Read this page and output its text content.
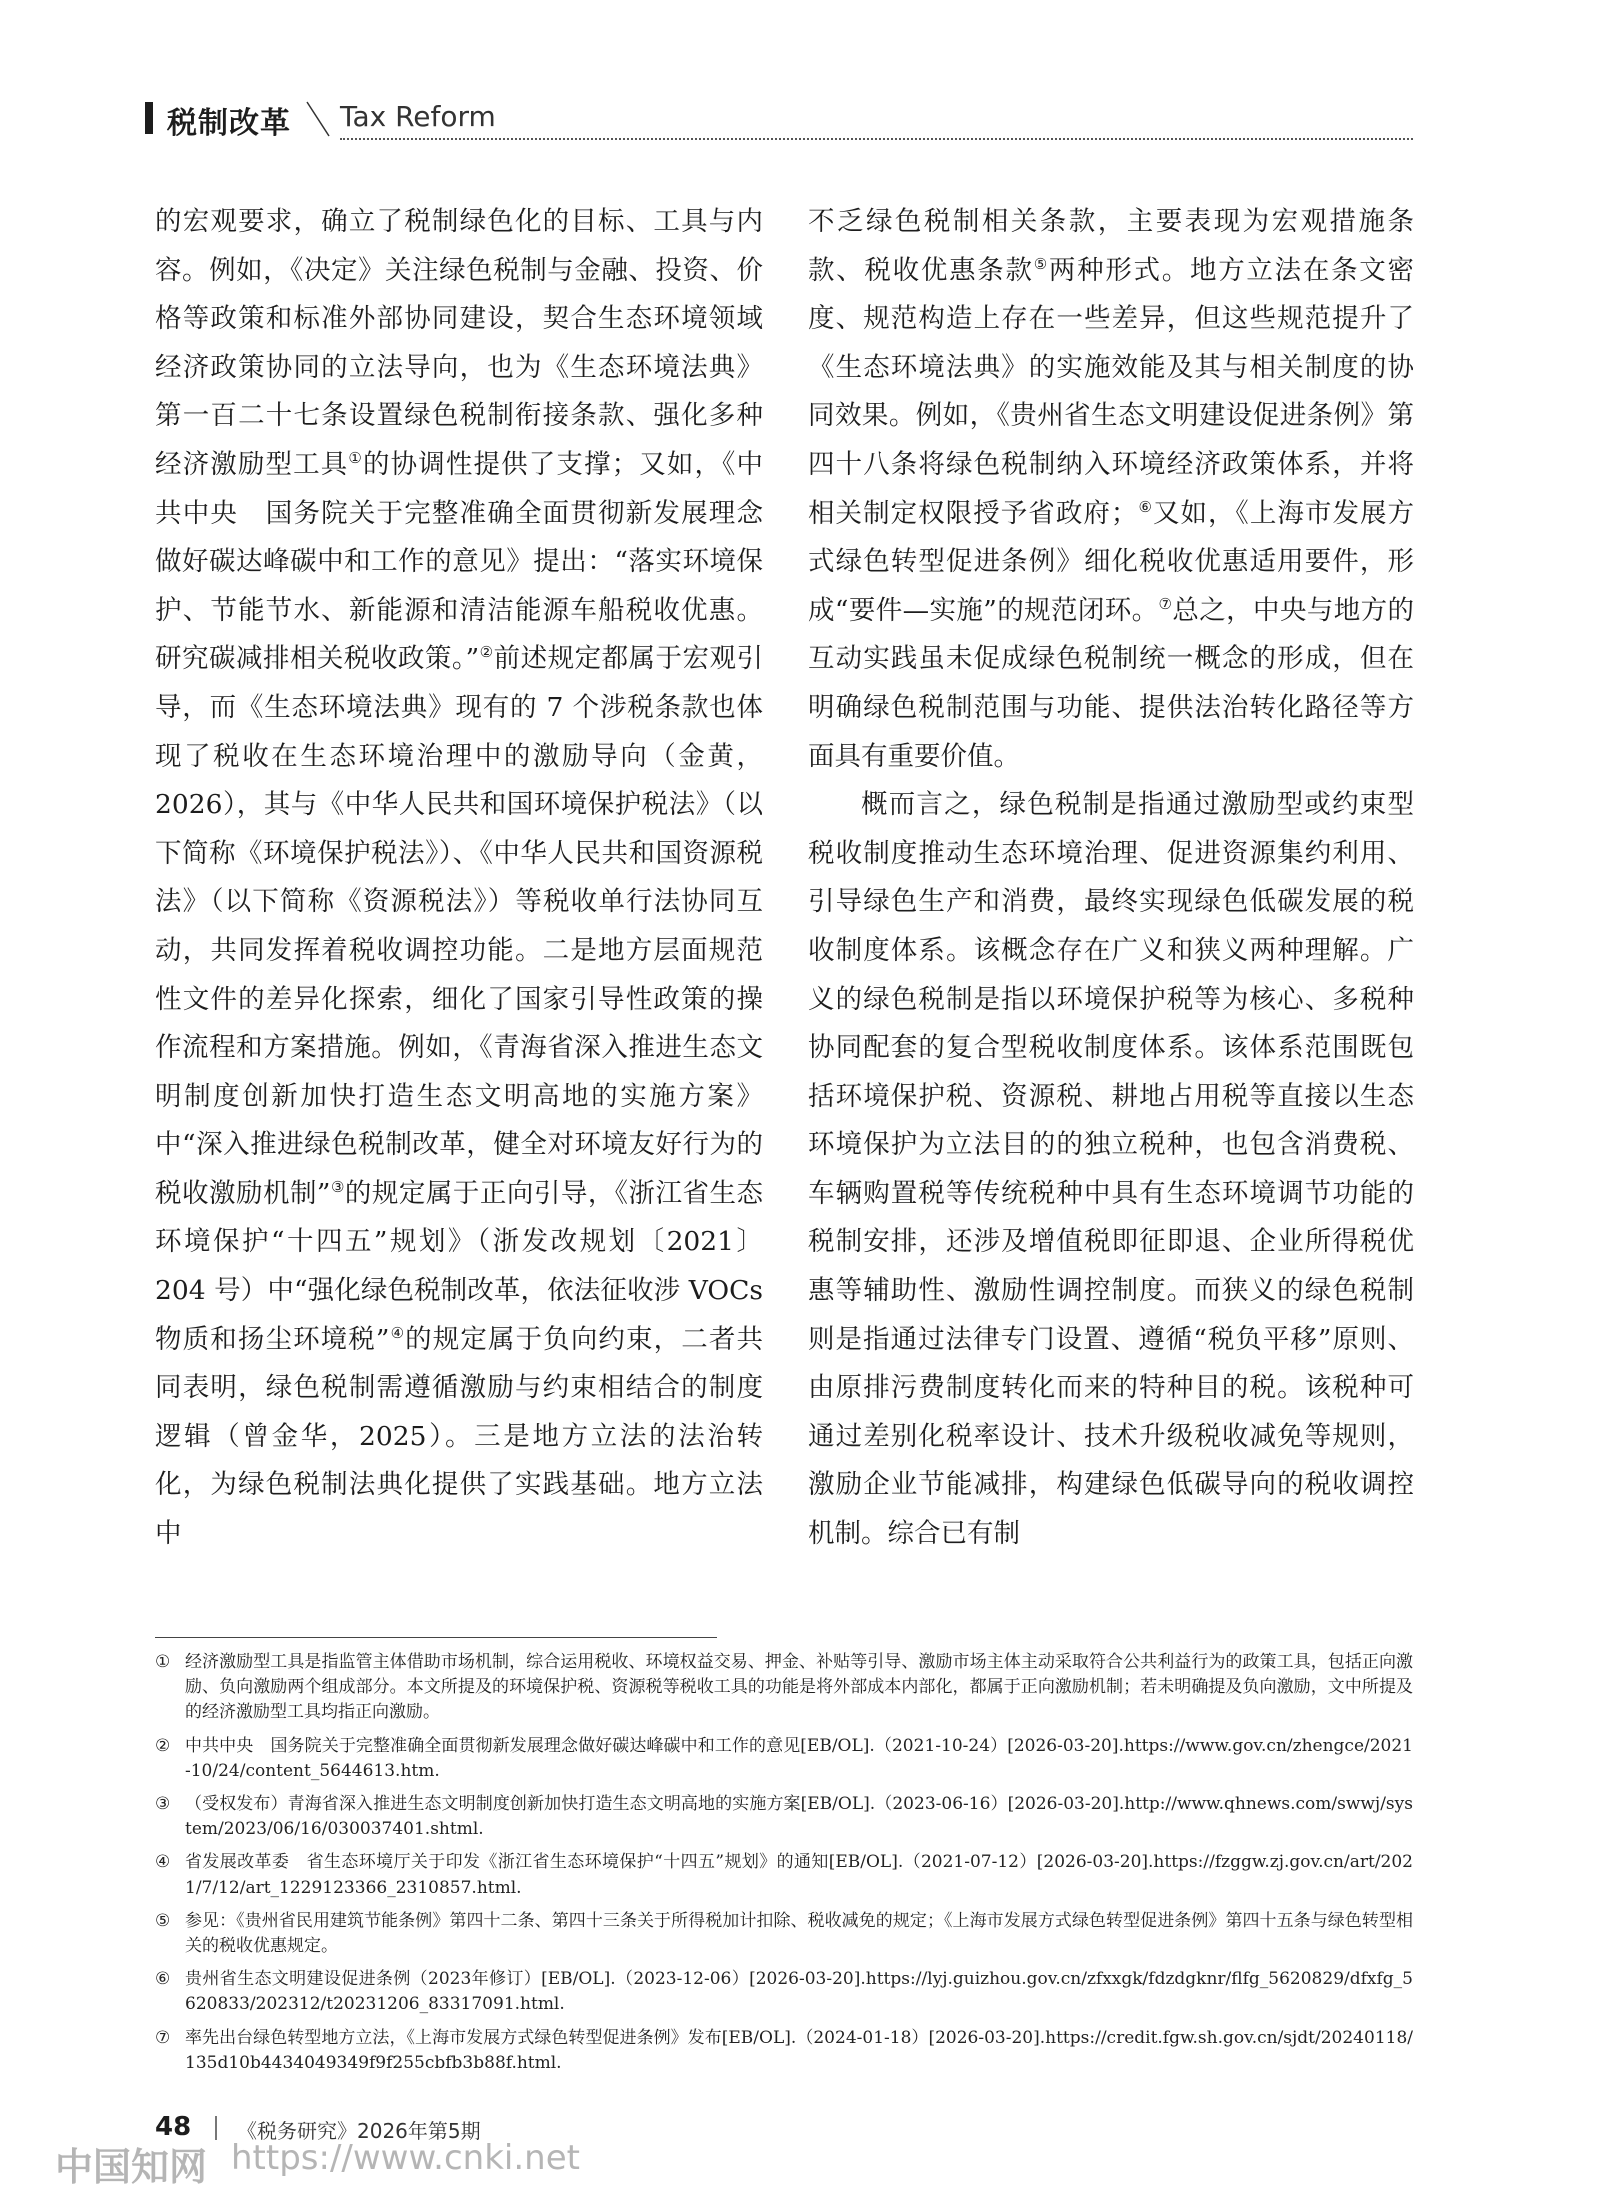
税制改革 Tax Reform

的宏观要求，确立了税制绿色化的目标、工具与内容。例如，《决定》关注绿色税制与金融、投资、价格等政策和标准外部协同建设，契合生态环境领域经济政策协同的立法导向，也为《生态环境法典》第一百二十七条设置绿色税制衔接条款、强化多种经济激励型工具①的协调性提供了支撑；又如，《中共中央　国务院关于完整准确全面贯彻新发展理念做好碳达峰碳中和工作的意见》提出：“落实环境保护、节能节水、新能源和清洁能源车船税收优惠。研究碳减排相关税收政策。”②前述规定都属于宏观引导，而《生态环境法典》现有的 7 个涉税条款也体现了税收在生态环境治理中的激励导向（金黄，2026），其与《中华人民共和国环境保护税法》（以下简称《环境保护税法》）、《中华人民共和国资源税法》（以下简称《资源税法》）等税收单行法协同互动，共同发挥着税收调控功能。二是地方层面规范性文件的差异化探索，细化了国家引导性政策的操作流程和方案措施。例如，《青海省深入推进生态文明制度创新加快打造生态文明高地的实施方案》中“深入推进绿色税制改革，健全对环境友好行为的税收激励机制”③的规定属于正向引导，《浙江省生态环境保护“十四五”规划》（浙发改规划〔2021〕204 号）中“强化绿色税制改革，依法征收涉 VOCs 物质和扬尘环境税”④的规定属于负向约束，二者共同表明，绿色税制需遵循激励与约束相结合的制度逻辑（曾金华，2025）。三是地方立法的法治转化，为绿色税制法典化提供了实践基础。地方立法中

不乏绿色税制相关条款，主要表现为宏观措施条款、税收优惠条款⑤两种形式。地方立法在条文密度、规范构造上存在一些差异，但这些规范提升了《生态环境法典》的实施效能及其与相关制度的协同效果。例如，《贵州省生态文明建设促进条例》第四十八条将绿色税制纳入环境经济政策体系，并将相关制定权限授予省政府；⑥又如，《上海市发展方式绿色转型促进条例》细化税收优惠适用要件，形成“要件—实施”的规范闭环。⑦总之，中央与地方的互动实践虽未促成绿色税制统一概念的形成，但在明确绿色税制范围与功能、提供法治转化路径等方面具有重要价值。

概而言之，绿色税制是指通过激励型或约束型税收制度推动生态环境治理、促进资源集约利用、引导绿色生产和消费，最终实现绿色低碳发展的税收制度体系。该概念存在广义和狭义两种理解。广义的绿色税制是指以环境保护税等为核心、多税种协同配套的复合型税收制度体系。该体系范围既包括环境保护税、资源税、耕地占用税等直接以生态环境保护为立法目的的独立税种，也包含消费税、车辆购置税等传统税种中具有生态环境调节功能的税制安排，还涉及增值税即征即退、企业所得税优惠等辅助性、激励性调控制度。而狭义的绿色税制则是指通过法律专门设置、遵循“税负平移”原则、由原排污费制度转化而来的特种目的税。该税种可通过差别化税率设计、技术升级税收减免等规则，激励企业节能减排，构建绿色低碳导向的税收调控机制。综合已有制

① 经济激励型工具是指监管主体借助市场机制，综合运用税收、环境权益交易、押金、补贴等引导、激励市场主体主动采取符合公共利益行为的政策工具，包括正向激励、负向激励两个组成部分。本文所提及的环境保护税、资源税等税收工具的功能是将外部成本内部化，都属于正向激励机制；若未明确提及负向激励，文中所提及的经济激励型工具均指正向激励。
② 中共中央　国务院关于完整准确全面贯彻新发展理念做好碳达峰碳中和工作的意见[EB/OL].（2021-10-24）[2026-03-20].https://www.gov.cn/zhengce/2021-10/24/content_5644613.htm.
③ （受权发布）青海省深入推进生态文明制度创新加快打造生态文明高地的实施方案[EB/OL].（2023-06-16）[2026-03-20].http://www.qhnews.com/swwj/system/2023/06/16/030037401.shtml.
④ 省发展改革委　省生态环境厅关于印发《浙江省生态环境保护“十四五”规划》的通知[EB/OL].（2021-07-12）[2026-03-20].https://fzggw.zj.gov.cn/art/2021/7/12/art_1229123366_2310857.html.
⑤ 参见：《贵州省民用建筑节能条例》第四十二条、第四十三条关于所得税加计扣除、税收减免的规定；《上海市发展方式绿色转型促进条例》第四十五条与绿色转型相关的税收优惠规定。
⑥ 贵州省生态文明建设促进条例（2023年修订）[EB/OL].（2023-12-06）[2026-03-20].https://lyj.guizhou.gov.cn/zfxxgk/fdzdgknr/flfg_5620829/dfxfg_5620833/202312/t20231206_83317091.html.
⑦ 率先出台绿色转型地方立法，《上海市发展方式绿色转型促进条例》发布[EB/OL].（2024-01-18）[2026-03-20].https://credit.fgw.sh.gov.cn/sjdt/20240118/135d10b4434049349f9f255cbfb3b88f.html.
48 《税务研究》2026年第5期
中国知网 https://www.cnki.net
